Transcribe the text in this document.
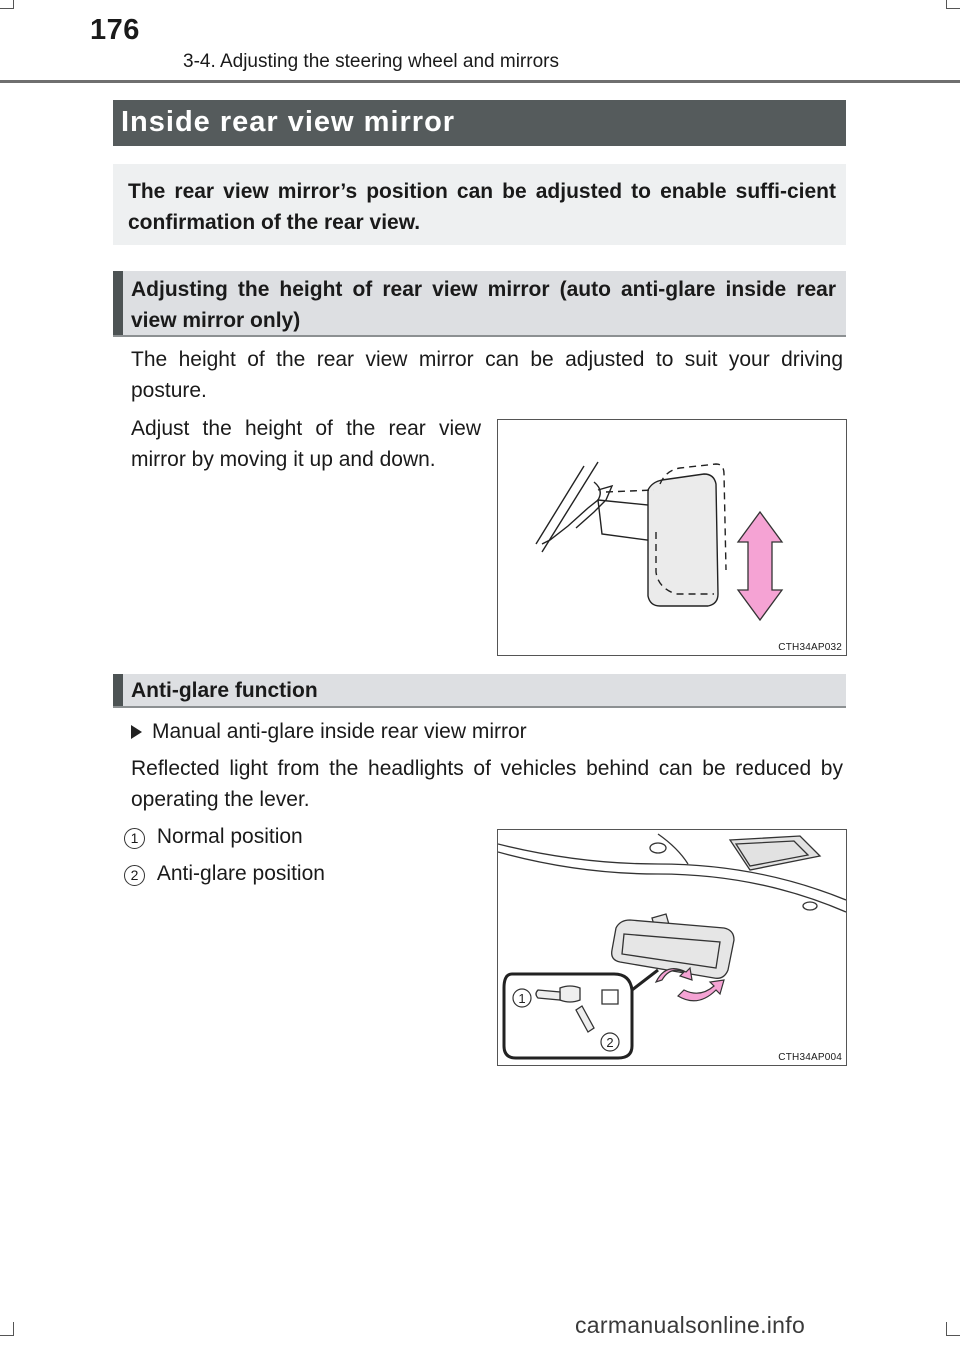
176
3-4. Adjusting the steering wheel and mirrors
Inside rear view mirror
The rear view mirror’s position can be adjusted to enable suffi-cient confirmation of the rear view.
Adjusting the height of rear view mirror (auto anti-glare inside rear view mirror only)
The height of the rear view mirror can be adjusted to suit your driving posture.
Adjust the height of the rear view mirror by moving it up and down.
CTH34AP032
Anti-glare function
Manual anti-glare inside rear view mirror
Reflected light from the headlights of vehicles behind can be reduced by operating the lever.
1 Normal position
2 Anti-glare position
1
2
CTH34AP004
carmanualsonline.info
